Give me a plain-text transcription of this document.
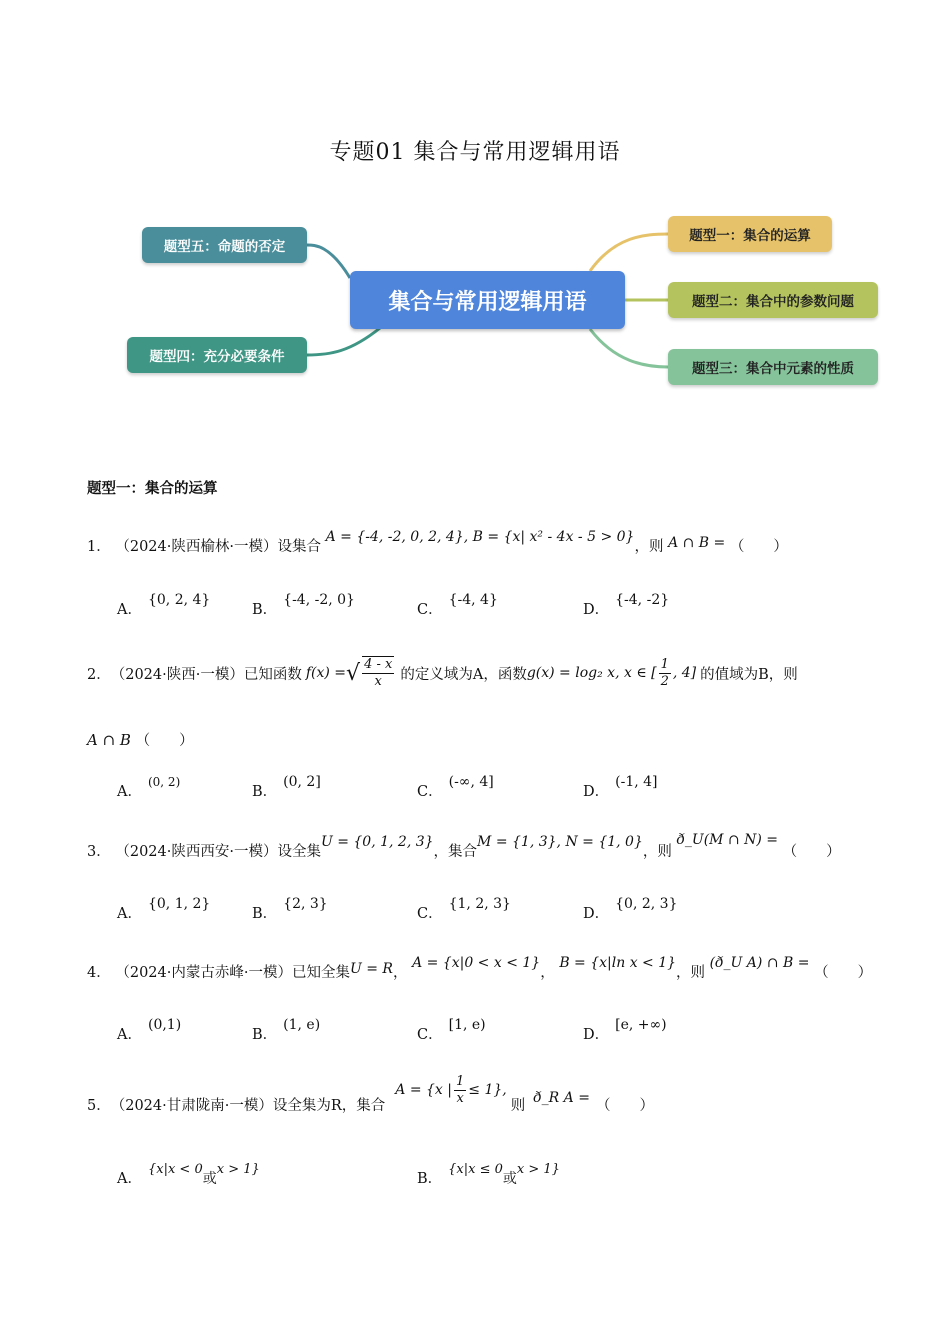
专题01 集合与常用逻辑用语
集合与常用逻辑用语
题型五：命题的否定
题型四：充分必要条件
题型一：集合的运算
题型二：集合中的参数问题
题型三：集合中元素的性质
题型一：集合的运算
1． （2024·陕西榆林·一模）设集合 A = {-4, -2, 0, 2, 4}, B = {x| x² - 4x - 5 > 0}，则 A ∩ B = （　　）
A．{0, 2, 4}
B．{-4, -2, 0}
C．{-4, 4}
D．{-4, -2}
2． （2024·陕西·一模） 已知函数 f(x) = √ $\frac{4 - x}{x}$ 的定义域为A，函数 g(x) = log₂ x, x ∈ [ $\frac{1}{2}$ , 4] 的值域为B，则
A ∩ B （　　）
A．$^{(0, 2)}$
B．(0, 2]
C．(-∞, 4]
D．(-1, 4]
3． （2024·陕西西安·一模）设全集U = {0, 1, 2, 3}，集合M = {1, 3}, N = {1, 0}，则 ð_U(M ∩ N) = （　　）
A．{0, 1, 2}
B．{2, 3}
C．{1, 2, 3}
D．{0, 2, 3}
4． （2024·内蒙古赤峰·一模）已知全集U = R， A = {x|0 < x < 1}， B = {x|ln x < 1}，则 (ð_U A) ∩ B = （　　）
A．(0,1)
B．(1, e)
C．[1, e)
D．[e, +∞)
5． （2024·甘肃陇南·一模） 设全集为R，集合
A = {x | $\frac{1}{x} \le 1$},
则 ð_R A = （　　）
A．{x|x < 0或x > 1}
B．{x|x ≤ 0或x > 1}
